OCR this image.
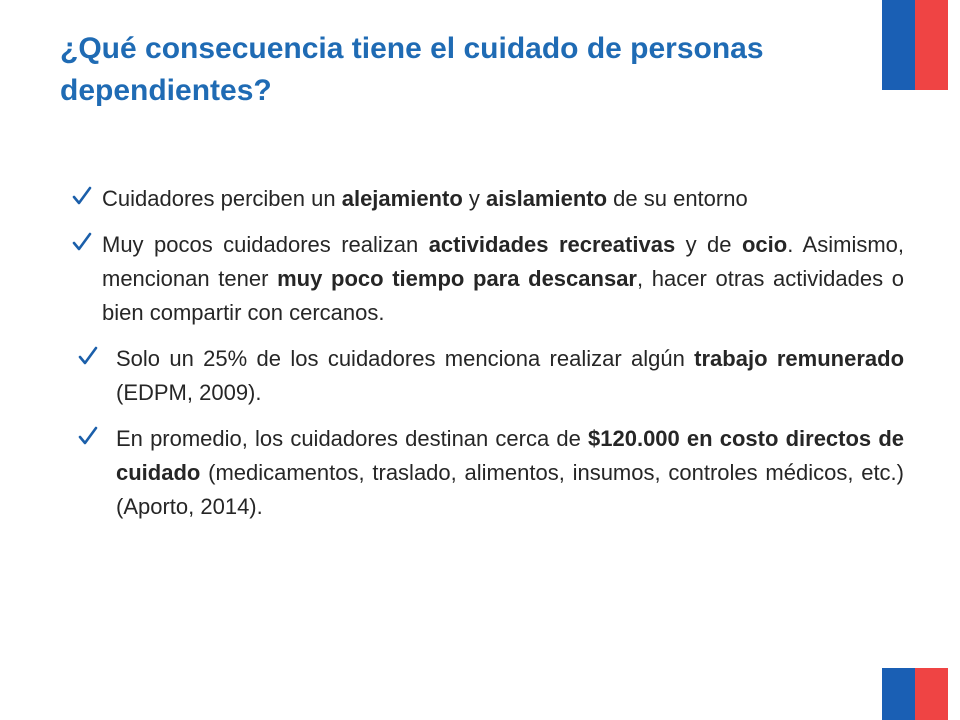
¿Qué consecuencia tiene el cuidado de personas dependientes?
Cuidadores perciben un alejamiento y aislamiento de su entorno
Muy pocos cuidadores realizan actividades recreativas y de ocio. Asimismo, mencionan tener muy poco tiempo para descansar, hacer otras actividades o bien compartir con cercanos.
Solo un 25% de los cuidadores menciona realizar algún trabajo remunerado (EDPM, 2009).
En promedio, los cuidadores destinan cerca de $120.000 en costo directos de cuidado (medicamentos, traslado, alimentos, insumos, controles médicos, etc.) (Aporto, 2014).
